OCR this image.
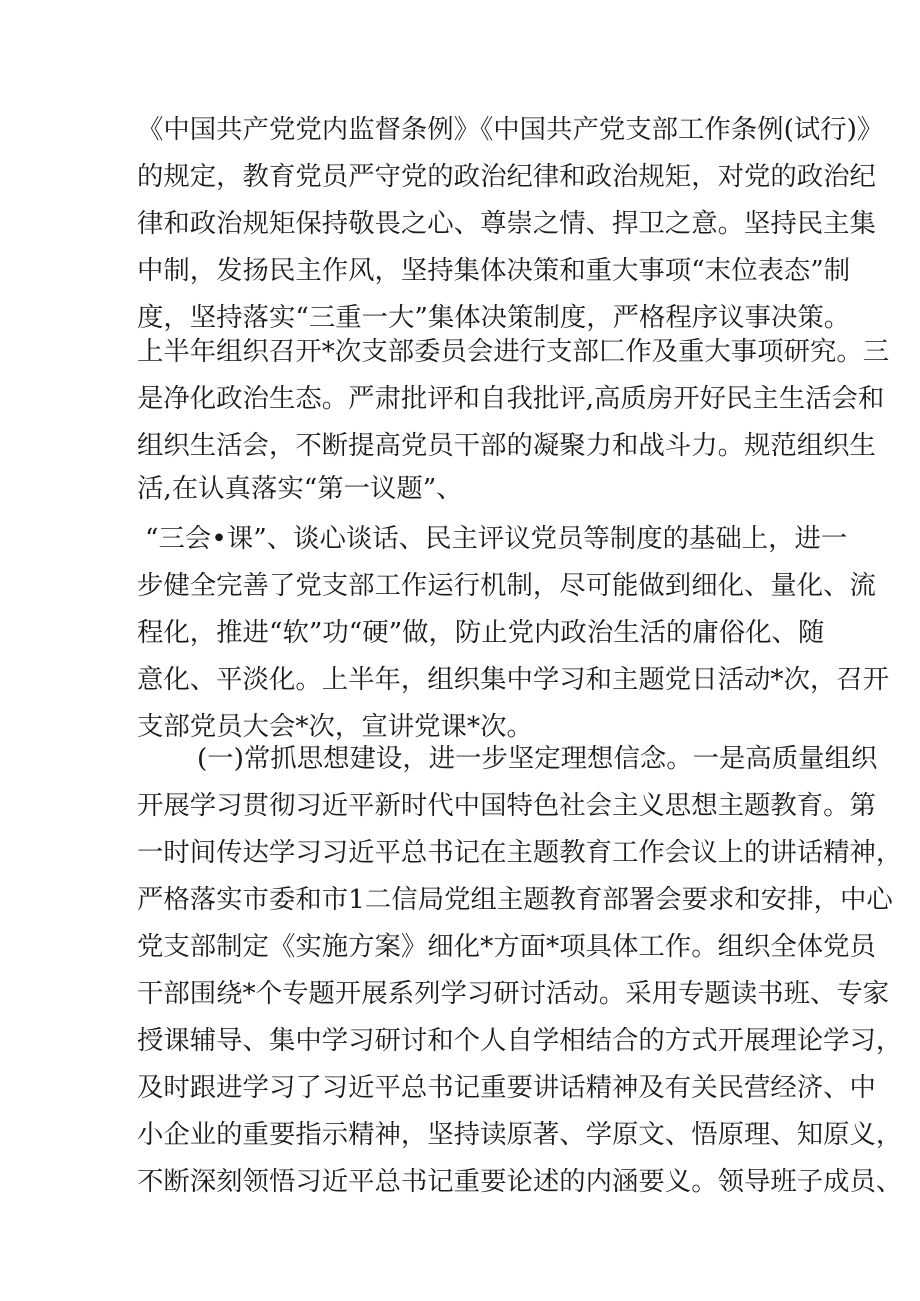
《中国共产党党内监督条例》《中国共产党支部工作条例(试行)》

的规定，教育党员严守党的政治纪律和政治规矩，对党的政治纪

律和政治规矩保持敬畏之心、尊崇之情、捍卫之意。坚持民主集

中制，发扬民主作风，坚持集体决策和重大事项“末位表态”制

度，坚持落实“三重一大”集体决策制度，严格程序议事决策。

上半年组织召开*次支部委员会进行支部匚作及重大事项研究。三

是净化政治生态。严肃批评和自我批评,高质房开好民主生活会和

组织生活会，不断提高党员干部的凝聚力和战斗力。规范组织生

活,在认真落实“第一议题”、

“三会•课”、谈心谈话、民主评议党员等制度的基础上，进一

步健全完善了党支部工作运行机制，尽可能做到细化、量化、流

程化，推进“软”功“硬”做，防止党内政治生活的庸俗化、随

意化、平淡化。上半年，组织集中学习和主题党日活动*次，召开

支部党员大会*次，宣讲党课*次。

(一)常抓思想建设，进一步坚定理想信念。一是高质量组织

开展学习贯彻习近平新时代中国特色社会主义思想主题教育。第

一时间传达学习习近平总书记在主题教育工作会议上的讲话精神，

严格落实市委和市1二信局党组主题教育部署会要求和安排，中心

党支部制定《实施方案》细化*方面*项具体工作。组织全体党员

干部围绕*个专题开展系列学习研讨活动。采用专题读书班、专家

授课辅导、集中学习研讨和个人自学相结合的方式开展理论学习，

及时跟进学习了习近平总书记重要讲话精神及有关民营经济、中

小企业的重要指示精神，坚持读原著、学原文、悟原理、知原义，

不断深刻领悟习近平总书记重要论述的内涵要义。领导班子成员、
